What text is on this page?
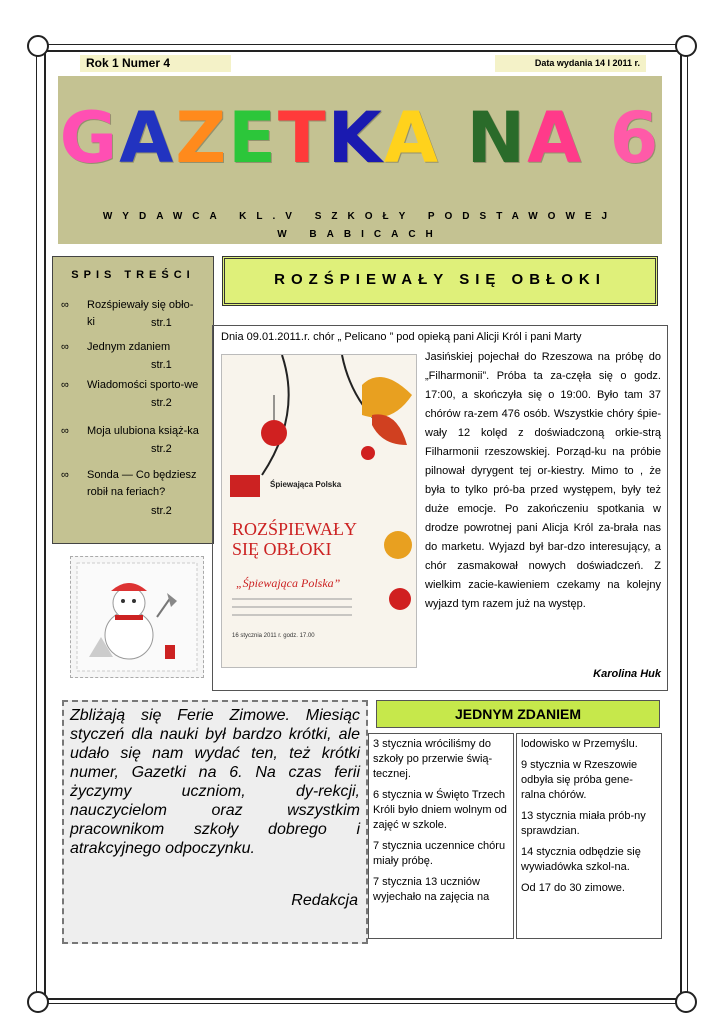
Rok 1 Numer 4	Data wydania 14 I 2011 r.
GAZETKA NA 6
WYDAWCA KL.V SZKOŁY PODSTAWOWEJ
W BABICACH
SPIS TREŚCI
∞ Rozśpiewały się obło-ki	str.1
∞ Jednym zdaniem
str.1
∞ Wiadomości sporto-we
str.2
∞ Moja ulubiona książ-ka
str.2
∞ Sonda — Co będziesz robił na feriach?
str.2
Zbliżają się Ferie Zimowe. Miesiąc styczeń dla nauki był bardzo krótki, ale udało się nam wydać ten, też krótki numer, Gazetki na 6. Na czas ferii życzymy uczniom, dy-rekcji, nauczycielom oraz wszystkim pracownikom szkoły dobrego i atrakcyjnego odpoczynku.
Redakcja
ROZŚPIEWAŁY SIĘ OBŁOKI
Dnia 09.01.2011.r. chór „ Pelicano ” pod opieką pani Alicji Król i pani Marty
Śpiewająca Polska
ROZŚPIEWAŁY
SIĘ OBŁOKI
„Śpiewająca Polska”
16 stycznia 2011 r. godz. 17.00
Jasińskiej pojechał do Rzeszowa na próbę do „Filharmonii”. Próba ta za-częła się o godz. 17:00, a skończyła się o 19:00. Było tam 37 chórów ra-zem 476 osób. Wszystkie chóry śpie-wały 12 kolęd z doświadczoną orkie-strą Filharmonii rzeszowskiej. Porząd-ku na próbie pilnował dyrygent tej or-kiestry. Mimo to , że była to tylko pró-ba przed występem, były też duże emocje. Po zakończeniu spotkania w drodze powrotnej pani Alicja Król za-brała nas do marketu. Wyjazd był bar-dzo interesujący, a chór zasmakował nowych doświadczeń. Z wielkim zacie-kawieniem czekamy na kolejny wyjazd tym razem już na występ.
Karolina Huk
JEDNYM ZDANIEM

3 stycznia wróciliśmy do szkoły po przerwie świą-tecznej.

6 stycznia w Święto Trzech Króli było dniem wolnym od zajęć w szkole.

7 stycznia uczennice chóru miały próbę.

7 stycznia 13 uczniów wyjechało na zajęcia na

lodowisko w Przemyślu.

9 stycznia w Rzeszowie odbyła się próba gene-ralna chórów.

13 stycznia miała prób-ny sprawdzian.

14 stycznia odbędzie się wywiadówka szkol-na.

Od 17 do 30 zimowe.
